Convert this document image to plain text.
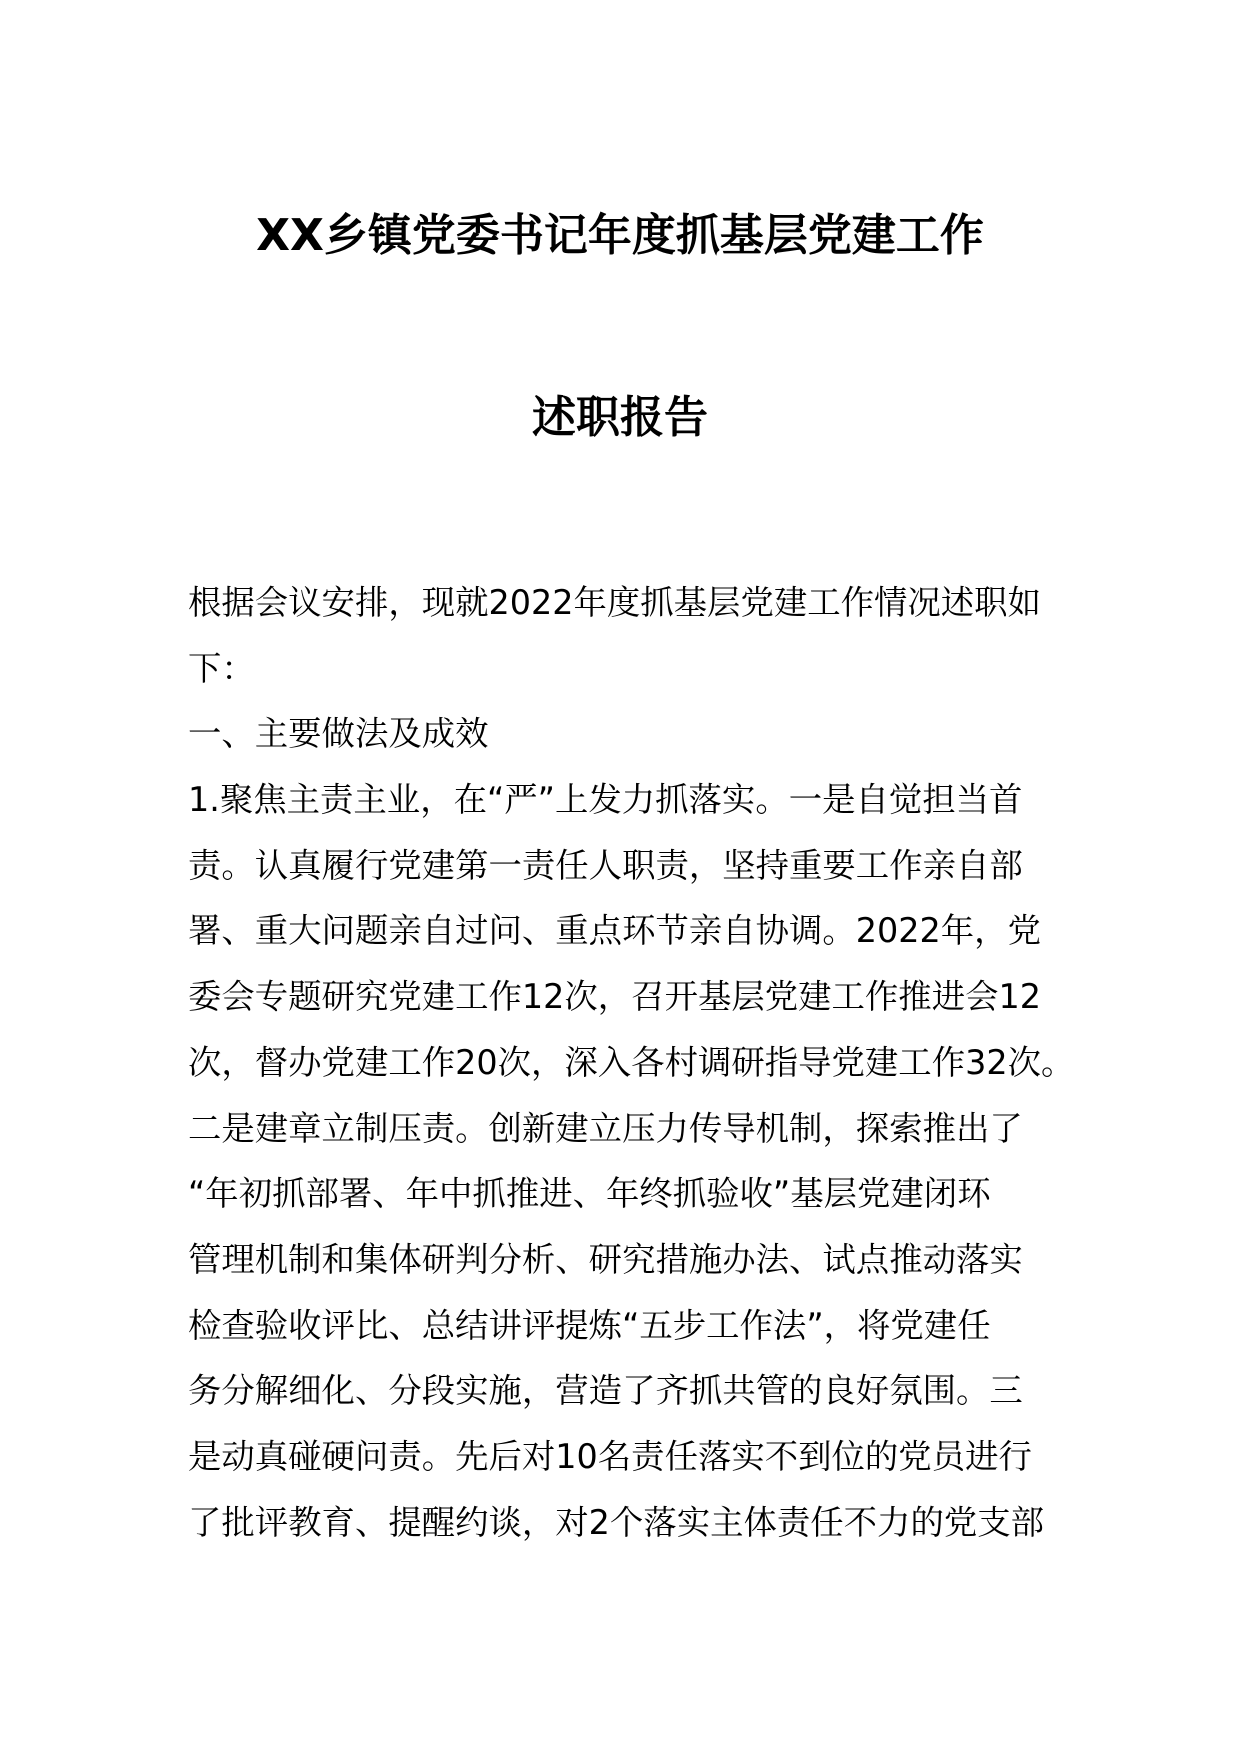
XX乡镇党委书记年度抓基层党建工作
述职报告
根据会议安排，现就2022年度抓基层党建工作情况述职如
下：
一、主要做法及成效
1.聚焦主责主业，在“严”上发力抓落实。一是自觉担当首
责。认真履行党建第一责任人职责，坚持重要工作亲自部
署、重大问题亲自过问、重点环节亲自协调。2022年，党
委会专题研究党建工作12次，召开基层党建工作推进会12
次，督办党建工作20次，深入各村调研指导党建工作32次。
二是建章立制压责。创新建立压力传导机制，探索推出了
“年初抓部署、年中抓推进、年终抓验收”基层党建闭环
管理机制和集体研判分析、研究措施办法、试点推动落实
检查验收评比、总结讲评提炼“五步工作法”，将党建任
务分解细化、分段实施，营造了齐抓共管的良好氛围。三
是动真碰硬问责。先后对10名责任落实不到位的党员进行
了批评教育、提醒约谈，对2个落实主体责任不力的党支部
